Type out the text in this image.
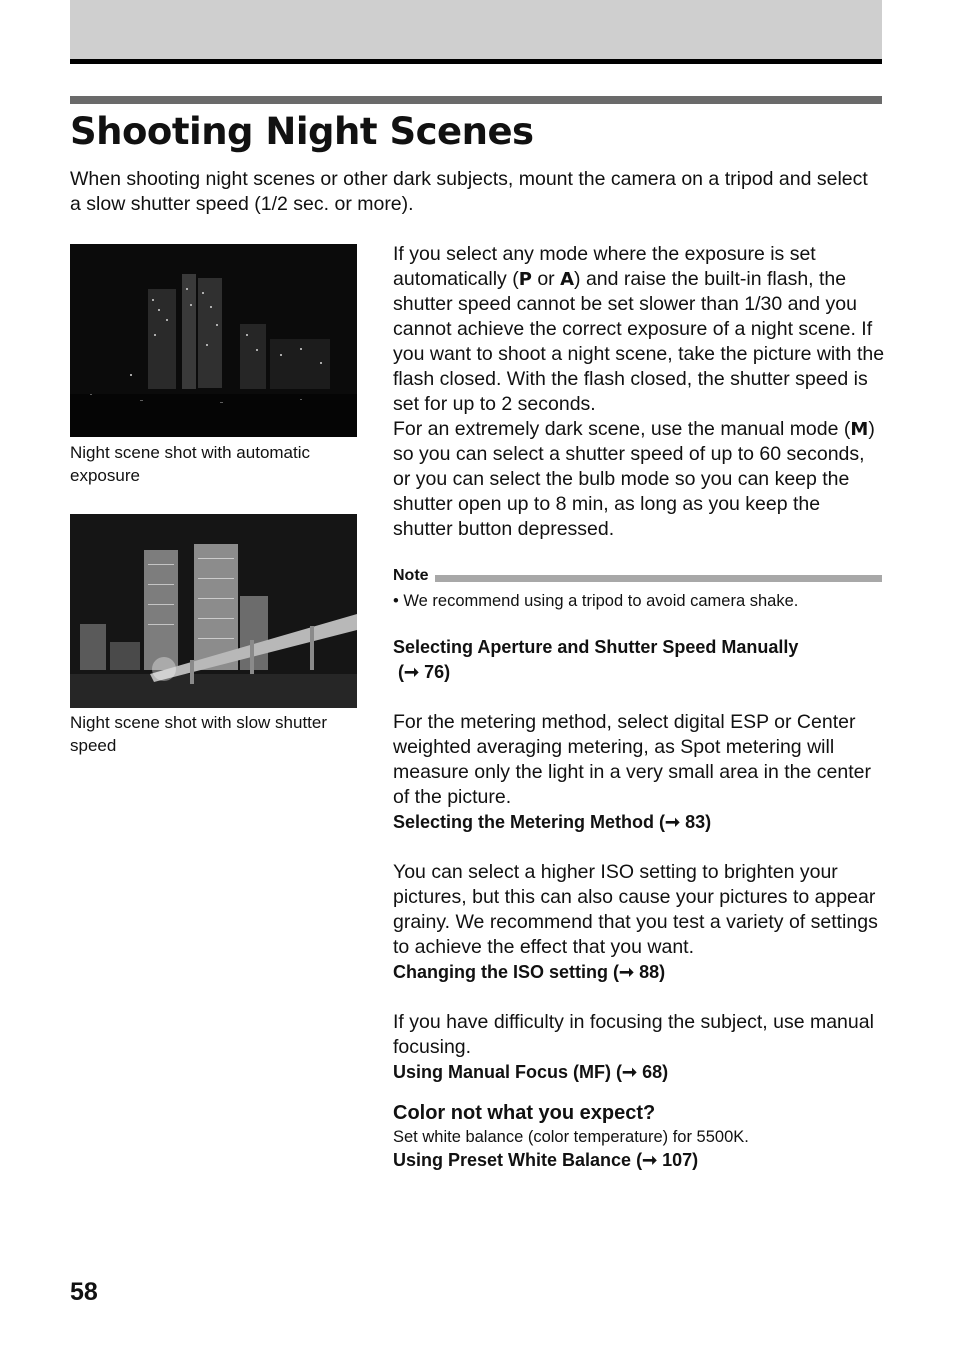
Shooting Night Scenes

When shooting night scenes or other dark subjects, mount the camera on a tripod and select a slow shutter speed (1/2 sec. or more).

Night scene shot with automatic exposure

Night scene shot with slow shutter speed

If you select any mode where the exposure is set automatically (P or A) and raise the built-in flash, the shutter speed cannot be set slower than 1/30 and you cannot achieve the correct exposure of a night scene. If you want to shoot a night scene, take the picture with the flash closed. With the flash closed, the shutter speed is set for up to 2 seconds.

For an extremely dark scene, use the manual mode (M) so you can select a shutter speed of up to 60 seconds, or you can select the bulb mode so you can keep the shutter open up to 8 min, as long as you keep the shutter button depressed.

Note

• We recommend using a tripod to avoid camera shake.

Selecting Aperture and Shutter Speed Manually

(➞ 76)

For the metering method, select digital ESP or Center weighted averaging metering, as Spot metering will measure only the light in a very small area in the center of the picture.

Selecting the Metering Method (➞ 83)

You can select a higher ISO setting to brighten your pictures, but this can also cause your pictures to appear grainy. We recommend that you test a variety of settings to achieve the effect that you want.

Changing the ISO setting (➞ 88)

If you have difficulty in focusing the subject, use manual focusing.

Using Manual Focus (MF) (➞ 68)

Color not what you expect?

Set white balance (color temperature) for 5500K.

Using Preset White Balance (➞ 107)

58
